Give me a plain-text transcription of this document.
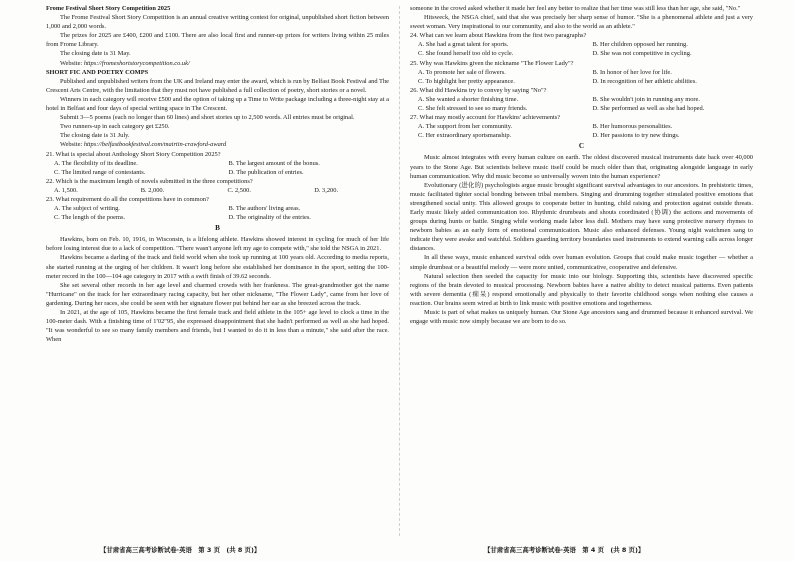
Frome Festival Short Story Competition 2025

The Frome Festival Short Story Competition is an annual creative writing contest for original, unpublished short fiction between 1,000 and 2,000 words.

The prizes for 2025 are £400, £200 and £100. There are also local first and runner-up prizes for writers living within 25 miles from Frome Library.

The closing date is 31 May.

Website: https://fromeshortstorycompetition.co.uk/

SHORT FIC AND POETRY COMPS

Published and unpublished writers from the UK and Ireland may enter the award, which is run by Belfast Book Festival and The Crescent Arts Centre, with the limitation that they must not have published a full collection of poetry, short stories or a novel.

Winners in each category will receive £500 and the option of taking up a Time to Write package including a three-night stay at a hotel in Belfast and four days of special writing space in The Crescent.

Submit 3—5 poems (each no longer than 60 lines) and short stories up to 2,500 words. All entries must be original.

Two runners-up in each category get £250.

The closing date is 31 July.

Website: https://belfastbookfestival.com/mairtin-crawford-award

21. What is special about Anthology Short Story Competition 2025?

A. The flexibility of its deadline.	B. The largest amount of the bonus.
C. The limited range of contestants.	D. The publication of entries.

22. Which is the maximum length of novels submitted in the three competitions?

A. 1,500.	B. 2,000.	C. 2,500.	D. 3,200.

23. What requirement do all the competitions have in common?

A. The subject of writing.	B. The authors' living areas.
C. The length of the poems.	D. The originality of the entries.

B

Hawkins, born on Feb. 10, 1916, in Wisconsin, is a lifelong athlete. Hawkins showed interest in cycling for much of her life before losing interest due to a lack of competition. "There wasn't anyone left my age to compete with," she told the NSGA in 2021.

Hawkins became a darling of the track and field world when she took up running at 100 years old. According to media reports, she started running at the urging of her children. It wasn't long before she established her dominance in the sport, setting the 100-meter record in the 100—104 age category in 2017 with a swift finish of 39.62 seconds.

She set several other records in her age level and charmed crowds with her frankness. The great-grandmother got the name "Hurricane" on the track for her extraordinary racing capacity, but her other nickname, "The Flower Lady", came from her love of gardening. During her races, she could be seen with her signature flower put behind her ear as she breezed across the track.

In 2021, at the age of 105, Hawkins became the first female track and field athlete in the 105+ age level to clock a time in the 100-meter dash. With a finishing time of 1′02″95, she expressed disappointment that she hadn't performed as well as she had hoped. "It was wonderful to see so many family members and friends, but I wanted to do it in less than a minute," she said after the race. When

someone in the crowd asked whether it made her feel any better to realize that her time was still less than her age, she said, "No."

Hitsweck, the NSGA chief, said that she was precisely her sharp sense of humor. "She is a phenomenal athlete and just a very sweet woman. Very inspirational to our community, and also to the world as an athlete."

24. What can we learn about Hawkins from the first two paragraphs?

A. She had a great talent for sports.	B. Her children opposed her running.
C. She found herself too old to cycle.	D. She was not competitive in cycling.

25. Why was Hawkins given the nickname "The Flower Lady"?

A. To promote her sale of flowers.	B. In honor of her love for life.
C. To highlight her pretty appearance.	D. In recognition of her athletic abilities.

26. What did Hawkins try to convey by saying "No"?

A. She wanted a shorter finishing time.	B. She wouldn't join in running any more.
C. She felt stressed to see so many friends.	D. She performed as well as she had hoped.

27. What may mostly account for Hawkins' achievements?

A. The support from her community.	B. Her humorous personalities.
C. Her extraordinary sportsmanship.	D. Her passions to try new things.

C

Music almost integrates with every human culture on earth. The oldest discovered musical instruments date back over 40,000 years to the Stone Age. But scientists believe music itself could be much older than that, originating alongside language in early human communication. Why did music become so universally woven into the human experience?

Evolutionary (进化的) psychologists argue music brought significant survival advantages to our ancestors. In prehistoric times, music facilitated tighter social bonding between tribal members. Singing and drumming together stimulated positive emotions that strengthened social unity. This allowed groups to cooperate better in hunting, child raising and protection against outside threats. Early music likely aided communication too. Rhythmic drumbeats and shouts coordinated (协调) the actions and movements of groups during hunts or battle. Singing while working made labor less dull. Mothers may have sung protective nursery rhymes to newborn babies as an early form of emotional communication. Music also enhanced defenses. Young night watchmen sang to indicate they were awake and watchful. Soldiers guarding territory boundaries used instruments to extend warning calls across longer distances.

In all these ways, music enhanced survival odds over human evolution. Groups that could make music together — whether a simple drumbeat or a beautiful melody — were more united, communicative, cooperative and defensive.

Natural selection then seeded the capacity for music into our biology. Supporting this, scientists have discovered specific regions of the brain devoted to musical processing. Newborn babies have a native ability to detect musical patterns. Even patients with severe dementia (痴呆) respond emotionally and physically to their favorite childhood songs when nothing else causes a reaction. Our brains seem wired at birth to link music with positive emotions and togetherness.

Music is part of what makes us uniquely human. Our Stone Age ancestors sang and drummed because it enhanced survival. We engage with music now simply because we are born to do so.

【甘肃省高三高考诊断试卷·英语　第 3 页　(共 8 页)】	【甘肃省高三高考诊断试卷·英语　第 4 页　(共 8 页)】
